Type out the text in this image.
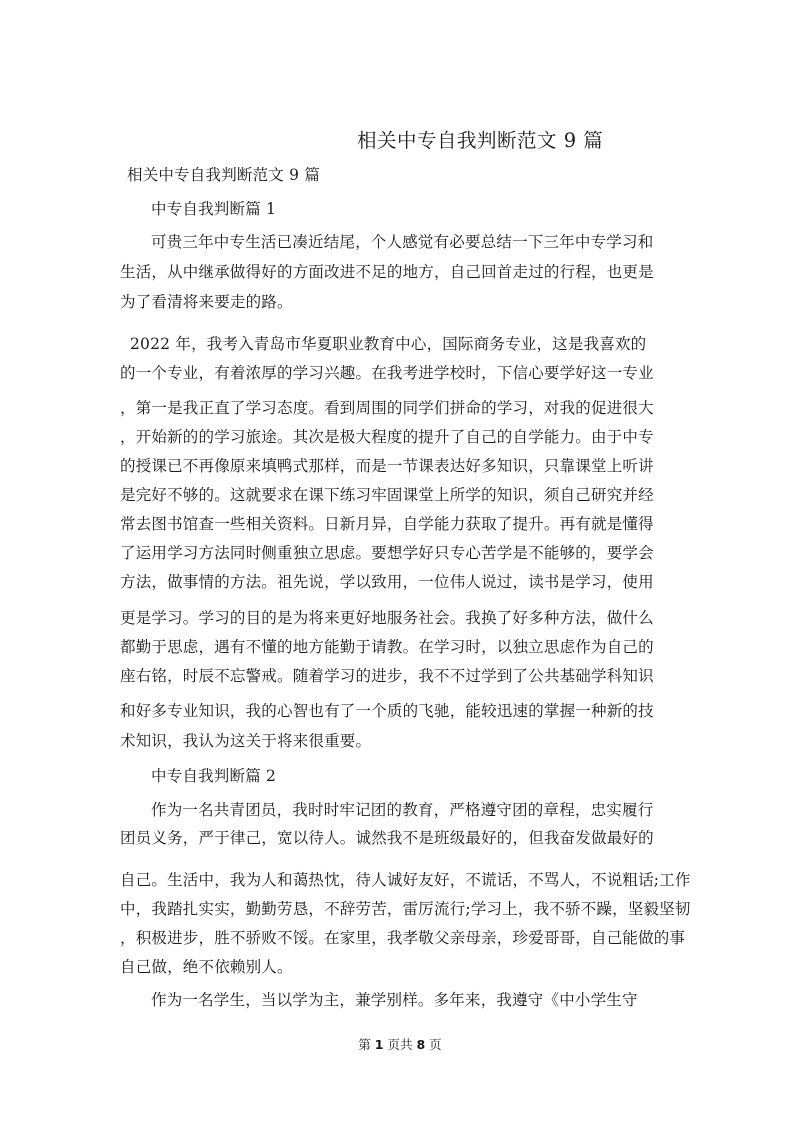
相关中专自我判断范文 9 篇
相关中专自我判断范文 9 篇
中专自我判断篇 1
可贵三年中专生活已凑近结尾，个人感觉有必要总结一下三年中专学习和
生活，从中继承做得好的方面改进不足的地方，自己回首走过的行程，也更是
为了看清将来要走的路。
2022 年，我考入青岛市华夏职业教育中心，国际商务专业，这是我喜欢的
的一个专业，有着浓厚的学习兴趣。在我考进学校时，下信心要学好这一专业
，第一是我正直了学习态度。看到周围的同学们拼命的学习，对我的促进很大
，开始新的的学习旅途。其次是极大程度的提升了自己的自学能力。由于中专
的授课已不再像原来填鸭式那样，而是一节课表达好多知识，只靠课堂上听讲
是完好不够的。这就要求在课下练习牢固课堂上所学的知识，须自己研究并经
常去图书馆查一些相关资料。日新月异，自学能力获取了提升。再有就是懂得
了运用学习方法同时侧重独立思虑。要想学好只专心苦学是不能够的，要学会
方法，做事情的方法。祖先说，学以致用，一位伟人说过，读书是学习，使用
更是学习。学习的目的是为将来更好地服务社会。我换了好多种方法，做什么
都勤于思虑，遇有不懂的地方能勤于请教。在学习时，以独立思虑作为自己的
座右铭，时辰不忘警戒。随着学习的进步，我不不过学到了公共基础学科知识
和好多专业知识，我的心智也有了一个质的飞驰，能较迅速的掌握一种新的技
术知识，我认为这关于将来很重要。
中专自我判断篇 2
作为一名共青团员，我时时牢记团的教育，严格遵守团的章程，忠实履行
团员义务，严于律己，宽以待人。诚然我不是班级最好的，但我奋发做最好的
自己。生活中，我为人和蔼热忱，待人诚好友好，不谎话，不骂人，不说粗话;工作
中，我踏扎实实，勤勤劳恳，不辞劳苦，雷厉流行;学习上，我不骄不躁，坚毅坚韧
，积极进步，胜不骄败不馁。在家里，我孝敬父亲母亲，珍爱哥哥，自己能做的事
自己做，绝不依赖别人。
作为一名学生，当以学为主，兼学别样。多年来，我遵守《中小学生守
第 1 页共 8 页
